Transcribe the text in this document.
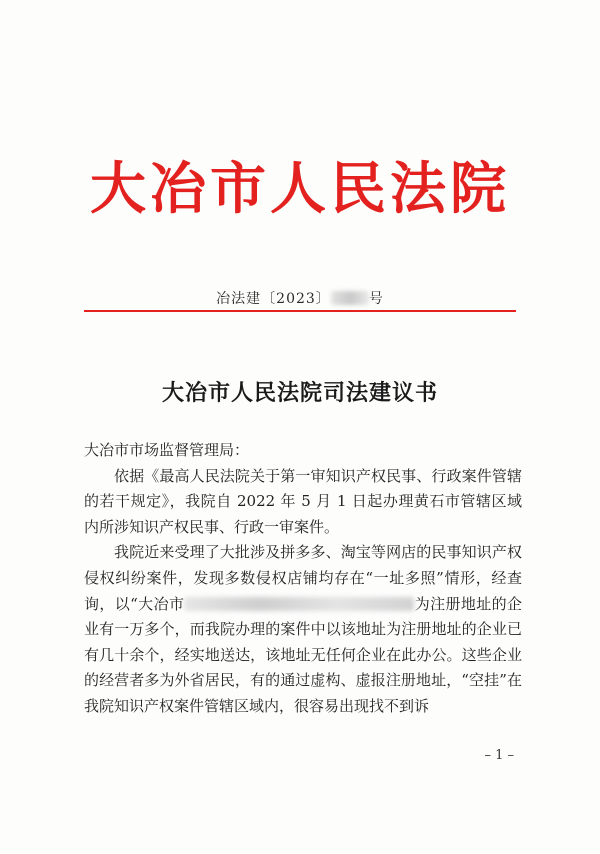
大冶市人民法院
冶法建〔2023〕	号
大冶市人民法院司法建议书

大冶市市场监督管理局：

依据《最高人民法院关于第一审知识产权民事、行政案件管辖的若干规定》，我院自 2022 年 5 月 1 日起办理黄石市管辖区域内所涉知识产权民事、行政一审案件。

我院近来受理了大批涉及拼多多、淘宝等网店的民事知识产权侵权纠纷案件，发现多数侵权店铺均存在“一址多照”情形，经查询，以“大冶市	为注册地址的企业有一万多个，而我院办理的案件中以该地址为注册地址的企业已有几十余个，经实地送达，该地址无任何企业在此办公。这些企业的经营者多为外省居民，有的通过虚构、虚报注册地址，“空挂”在我院知识产权案件管辖区域内，很容易出现找不到诉

– 1 –
